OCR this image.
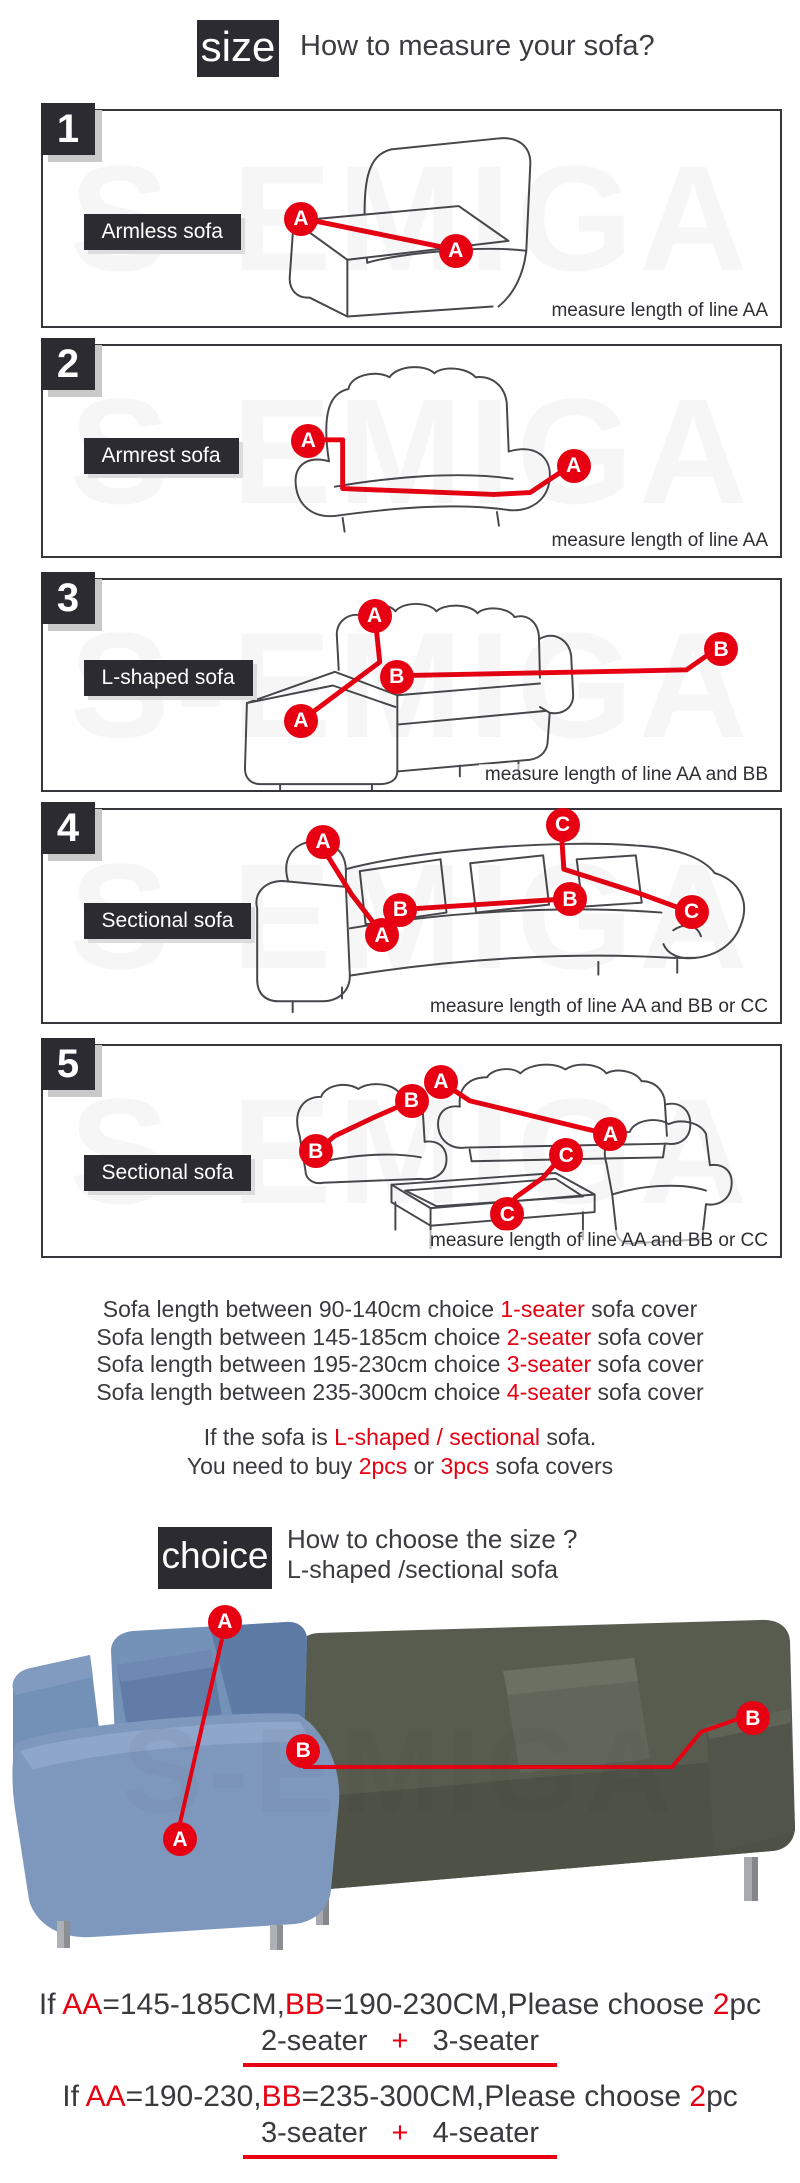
size How to measure your sofa?
1
Armless sofa
A
A
measure length of line AA
2
Armrest sofa
A
A
measure length of line AA
3
L-shaped sofa
A
A
B
B
measure length of line AA and BB
4
Sectional sofa
A
A
B	B
C
C
measure length of line AA and BB or CC
5
Sectional sofa
A
A
B
B	C
C
measure length of line AA and BB or CC

Sofa length between 90-140cm choice 1-seater sofa cover

Sofa length between 145-185cm choice 2-seater sofa cover

Sofa length between 195-230cm choice 3-seater sofa cover

Sofa length between 235-300cm choice 4-seater sofa cover

If the sofa is L-shaped / sectional sofa.

You need to buy 2pcs or 3pcs sofa covers

choice How to choose the size ?
L-shaped /sectional sofa
A
A
B
B

If AA=145-185CM,BB=190-230CM,Please choose 2pc

2-seater   +   3-seater

If AA=190-230,BB=235-300CM,Please choose 2pc

3-seater   +   4-seater
